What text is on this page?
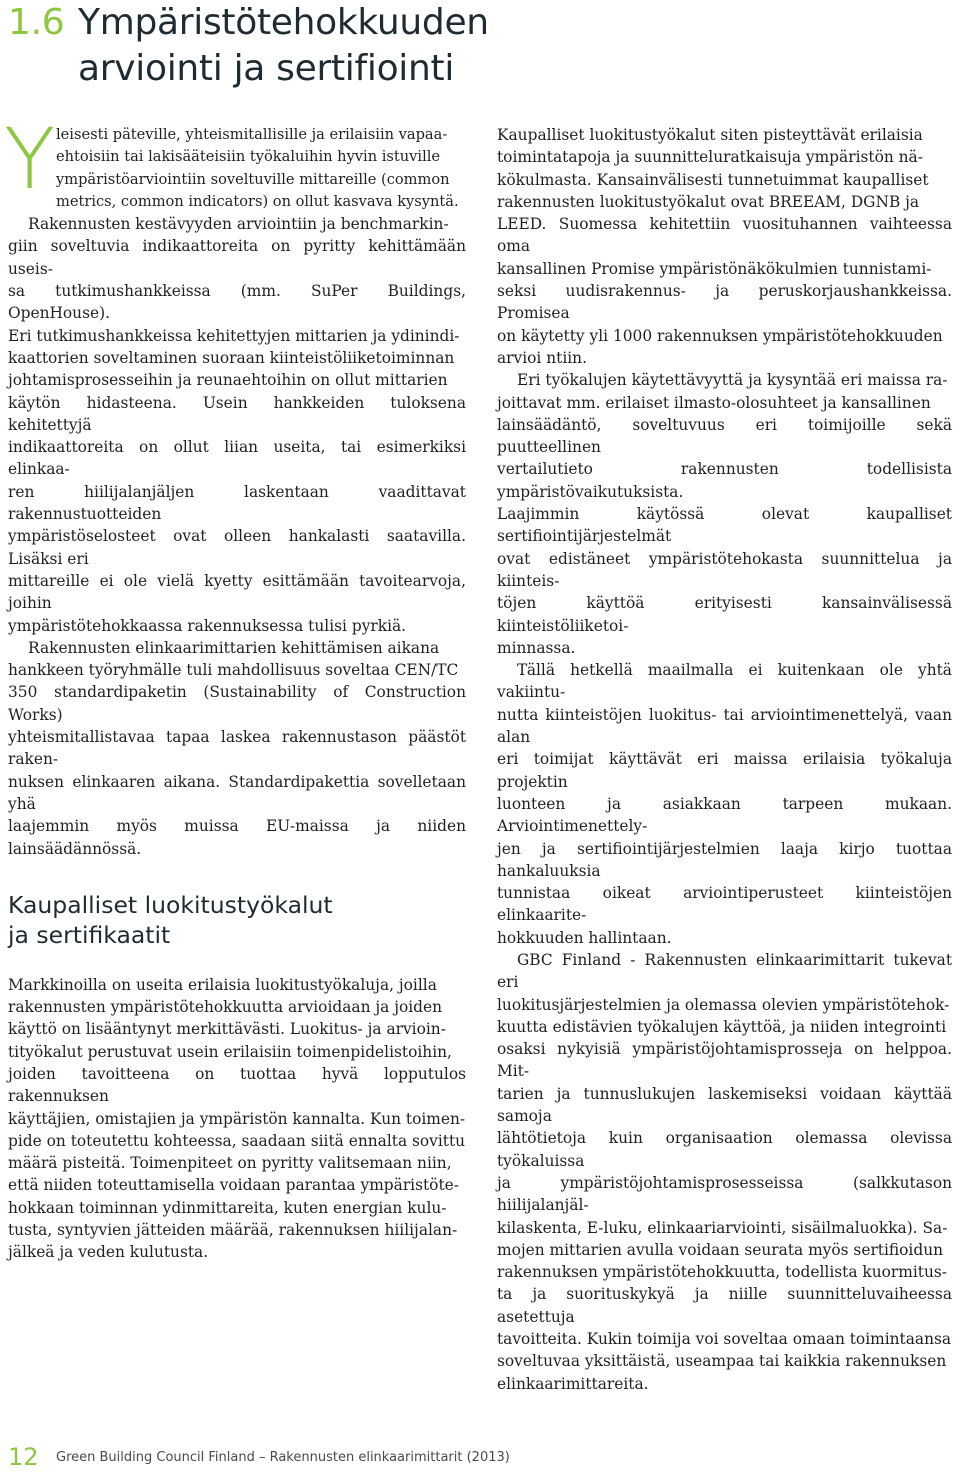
1.6 Ympäristötehokkuuden
arviointi ja sertifiointi
Y leisesti päteville, yhteismitallisille ja erilaisiin vapaa-
ehtoisiin tai lakisääteisiin työkaluihin hyvin istuville
ympäristöarviointiin soveltuville mittareille (common
metrics, common indicators) on ollut kasvava kysyntä.

Rakennusten kestävyyden arviointiin ja benchmarkin-
giin soveltuvia indikaattoreita on pyritty kehittämään useis-
sa tutkimushankkeissa (mm. SuPer Buildings, OpenHouse).
Eri tutkimushankkeissa kehitettyjen mittarien ja ydinindi-
kaattorien soveltaminen suoraan kiinteistöliiketoiminnan
johtamisprosesseihin ja reunaehtoihin on ollut mittarien
käytön hidasteena. Usein hankkeiden tuloksena kehitettyjä
indikaattoreita on ollut liian useita, tai esimerkiksi elinkaa-
ren hiilijalanjäljen laskentaan vaadittavat rakennustuotteiden
ympäristöselosteet ovat olleen hankalasti saatavilla. Lisäksi eri
mittareille ei ole vielä kyetty esittämään tavoitearvoja, joihin
ympäristötehokkaassa rakennuksessa tulisi pyrkiä.

Rakennusten elinkaarimittarien kehittämisen aikana
hankkeen työryhmälle tuli mahdollisuus soveltaa CEN/TC
350 standardipaketin (Sustainability of Construction Works)
yhteismitallistavaa tapaa laskea rakennustason päästöt raken-
nuksen elinkaaren aikana. Standardipakettia sovelletaan yhä
laajemmin myös muissa EU-maissa ja niiden lainsäädännössä.

Kaupalliset luokitustyökalut
ja sertifikaatit

Markkinoilla on useita erilaisia luokitustyökaluja, joilla
rakennusten ympäristötehokkuutta arvioidaan ja joiden
käyttö on lisääntynyt merkittävästi. Luokitus- ja arvioin-
tityökalut perustuvat usein erilaisiin toimenpidelistoihin,
joiden tavoitteena on tuottaa hyvä lopputulos rakennuksen
käyttäjien, omistajien ja ympäristön kannalta. Kun toimen-
pide on toteutettu kohteessa, saadaan siitä ennalta sovittu
määrä pisteitä. Toimenpiteet on pyritty valitsemaan niin,
että niiden toteuttamisella voidaan parantaa ympäristöte-
hokkaan toiminnan ydinmittareita, kuten energian kulu-
tusta, syntyvien jätteiden määrää, rakennuksen hiilijalan-
jälkeä ja veden kulutusta.

Kaupalliset luokitustyökalut siten pisteyttävät erilaisia
toimintatapoja ja suunnitteluratkaisuja ympäristön nä-
kökulmasta. Kansainvälisesti tunnetuimmat kaupalliset
rakennusten luokitustyökalut ovat BREEAM, DGNB ja
LEED. Suomessa kehitettiin vuosituhannen vaihteessa oma
kansallinen Promise ympäristönäkökulmien tunnistami-
seksi uudisrakennus- ja peruskorjaushankkeissa. Promisea
on käytetty yli 1000 rakennuksen ympäristötehokkuuden
arvioi ntiin.

Eri työkalujen käytettävyyttä ja kysyntää eri maissa ra-
joittavat mm. erilaiset ilmasto-olosuhteet ja kansallinen
lainsäädäntö, soveltuvuus eri toimijoille sekä puutteellinen
vertailutieto rakennusten todellisista ympäristövaikutuksista.
Laajimmin käytössä olevat kaupalliset sertifiointijärjestelmät
ovat edistäneet ympäristötehokasta suunnittelua ja kiinteis-
töjen käyttöä erityisesti kansainvälisessä kiinteistöliiketoi-
minnassa.

Tällä hetkellä maailmalla ei kuitenkaan ole yhtä vakiintu-
nutta kiinteistöjen luokitus- tai arviointimenettelyä, vaan alan
eri toimijat käyttävät eri maissa erilaisia työkaluja projektin
luonteen ja asiakkaan tarpeen mukaan. Arviointimenettely-
jen ja sertifiointijärjestelmien laaja kirjo tuottaa hankaluuksia
tunnistaa oikeat arviointiperusteet kiinteistöjen elinkaarite-
hokkuuden hallintaan.

GBC Finland - Rakennusten elinkaarimittarit tukevat eri
luokitusjärjestelmien ja olemassa olevien ympäristötehok-
kuutta edistävien työkalujen käyttöä, ja niiden integrointi
osaksi nykyisiä ympäristöjohtamisprosseja on helppoa. Mit-
tarien ja tunnuslukujen laskemiseksi voidaan käyttää samoja
lähtötietoja kuin organisaation olemassa olevissa työkaluissa
ja ympäristöjohtamisprosesseissa (salkkutason hiilijalanjäl-
kilaskenta, E-luku, elinkaariarviointi, sisäilmaluokka). Sa-
mojen mittarien avulla voidaan seurata myös sertifioidun
rakennuksen ympäristötehokkuutta, todellista kuormitus-
ta ja suorituskykyä ja niille suunnitteluvaiheessa asetettuja
tavoitteita. Kukin toimija voi soveltaa omaan toimintaansa
soveltuvaa yksittäistä, useampaa tai kaikkia rakennuksen
elinkaarimittareita.

12 Green Building Council Finland – Rakennusten elinkaarimittarit (2013)
